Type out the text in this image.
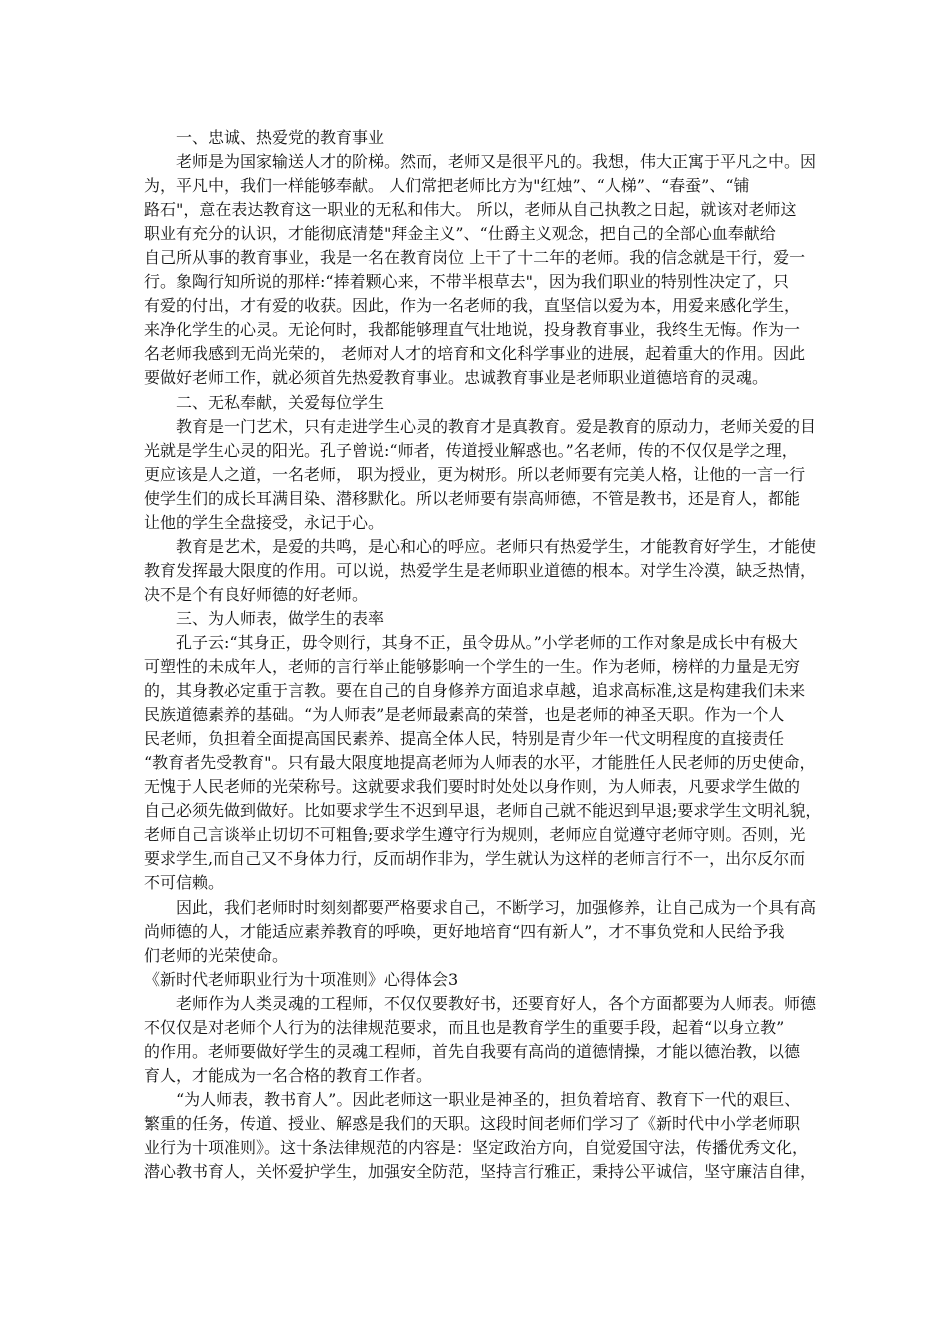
　　一、忠诚、热爱党的教育事业
　　老师是为国家输送人才的阶梯。然而，老师又是很平凡的。我想，伟大正寓于平凡之中。因
为，平凡中，我们一样能够奉献。 人们常把老师比方为"红烛”、“人梯”、“春蚕”、“铺
路石"，意在表达教育这一职业的无私和伟大。 所以，老师从自己执教之日起，就该对老师这
职业有充分的认识，才能彻底清楚"拜金主义”、“仕爵主义观念，把自己的全部心血奉献给
自己所从事的教育事业，我是一名在教育岗位 上干了十二年的老师。我的信念就是干行，爱一
行。象陶行知所说的那样:“捧着颗心来，不带半根草去"，因为我们职业的特别性决定了，只
有爱的付出，才有爱的收获。因此，作为一名老师的我，直坚信以爱为本，用爱来感化学生，
来净化学生的心灵。无论何时，我都能够理直气壮地说，投身教育事业，我终生无悔。作为一
名老师我感到无尚光荣的， 老师对人才的培育和文化科学事业的进展，起着重大的作用。因此
要做好老师工作，就必须首先热爱教育事业。忠诚教育事业是老师职业道德培育的灵魂。
　　二、无私奉献，关爱每位学生
　　教育是一门艺术，只有走进学生心灵的教育才是真教育。爱是教育的原动力，老师关爱的目
光就是学生心灵的阳光。孔子曾说:“师者，传道授业解惑也。”名老师，传的不仅仅是学之理，
更应该是人之道，一名老师， 职为授业，更为树形。所以老师要有完美人格，让他的一言一行
使学生们的成长耳满目染、潜移默化。所以老师要有崇高师德，不管是教书，还是育人，都能
让他的学生全盘接受，永记于心。
　　教育是艺术，是爱的共鸣，是心和心的呼应。老师只有热爱学生，才能教育好学生，才能使
教育发挥最大限度的作用。可以说，热爱学生是老师职业道德的根本。对学生冷漠，缺乏热情，
决不是个有良好师德的好老师。
　　三、为人师表，做学生的表率
　　孔子云:“其身正，毋令则行，其身不正，虽令毋从。”小学老师的工作对象是成长中有极大
可塑性的未成年人，老师的言行举止能够影响一个学生的一生。作为老师，榜样的力量是无穷
的，其身教必定重于言教。要在自己的自身修养方面追求卓越，追求高标准,这是构建我们未来
民族道德素养的基础。“为人师表”是老师最素高的荣誉，也是老师的神圣天职。作为一个人
民老师，负担着全面提高国民素养、提高全体人民，特别是青少年一代文明程度的直接责任
“教育者先受教育"。只有最大限度地提高老师为人师表的水平，才能胜任人民老师的历史使命，
无愧于人民老师的光荣称号。这就要求我们要时时处处以身作则，为人师表，凡要求学生做的
自己必须先做到做好。比如要求学生不迟到早退，老师自己就不能迟到早退;要求学生文明礼貌，
老师自己言谈举止切切不可粗鲁;要求学生遵守行为规则，老师应自觉遵守老师守则。否则，光
要求学生,而自己又不身体力行，反而胡作非为，学生就认为这样的老师言行不一，出尔反尔而
不可信赖。
　　因此，我们老师时时刻刻都要严格要求自己，不断学习，加强修养，让自己成为一个具有高
尚师德的人，才能适应素养教育的呼唤，更好地培育“四有新人”，才不事负党和人民给予我
们老师的光荣使命。
《新时代老师职业行为十项准则》心得体会3
　　老师作为人类灵魂的工程师，不仅仅要教好书，还要育好人，各个方面都要为人师表。师德
不仅仅是对老师个人行为的法律规范要求，而且也是教育学生的重要手段，起着“以身立教”
的作用。老师要做好学生的灵魂工程师，首先自我要有高尚的道德情操，才能以德治教，以德
育人，才能成为一名合格的教育工作者。
　　“为人师表，教书育人”。因此老师这一职业是神圣的，担负着培育、教育下一代的艰巨、
繁重的任务，传道、授业、解惑是我们的天职。这段时间老师们学习了《新时代中小学老师职
业行为十项准则》。这十条法律规范的内容是：坚定政治方向，自觉爱国守法，传播优秀文化，
潜心教书育人，关怀爱护学生，加强安全防范，坚持言行雅正，秉持公平诚信，坚守廉洁自律，
